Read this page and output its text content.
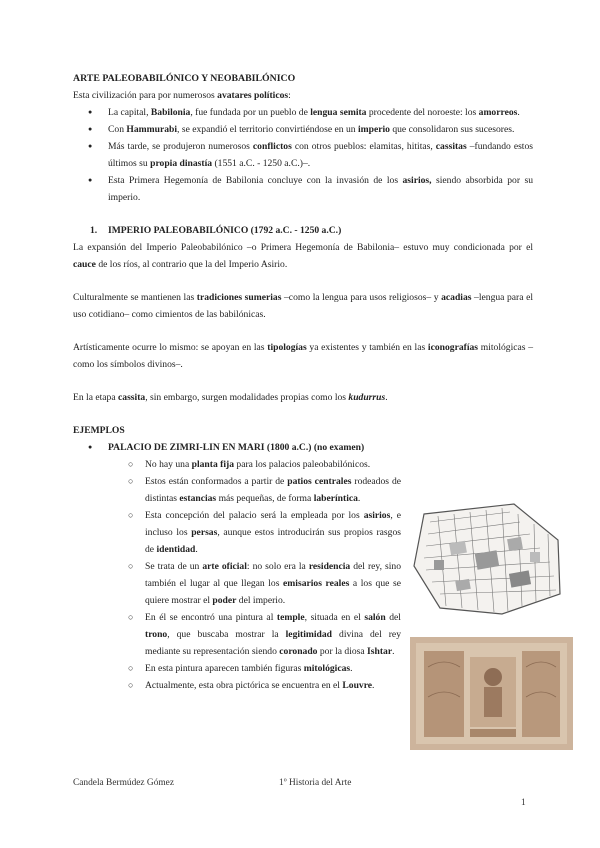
ARTE PALEOBABILÓNICO Y NEOBABILÓNICO

Esta civilización para por numerosos avatares políticos:

● La capital, Babilonia, fue fundada por un pueblo de lengua semita procedente del noroeste: los amorreos.
● Con Hammurabi, se expandió el territorio convirtiéndose en un imperio que consolidaron sus sucesores.
● Más tarde, se produjeron numerosos conflictos con otros pueblos: elamitas, hititas, cassitas –fundando estos últimos su propia dinastía (1551 a.C. - 1250 a.C.)–.
● Esta Primera Hegemonía de Babilonia concluye con la invasión de los asirios, siendo absorbida por su imperio.
1. IMPERIO PALEOBABILÓNICO (1792 a.C. - 1250 a.C.)

La expansión del Imperio Paleobabilónico –o Primera Hegemonía de Babilonia– estuvo muy condicionada por el cauce de los ríos, al contrario que la del Imperio Asirio.

Culturalmente se mantienen las tradiciones sumerias –como la lengua para usos religiosos– y acadias –lengua para el uso cotidiano– como cimientos de las babilónicas.

Artísticamente ocurre lo mismo: se apoyan en las tipologías ya existentes y también en las iconografías mitológicas – como los símbolos divinos–.

En la etapa cassita, sin embargo, surgen modalidades propias como los kudurrus.

EJEMPLOS
● PALACIO DE ZIMRI-LIN EN MARI (1800 a.C.) (no examen)
○ No hay una planta fija para los palacios paleobabilónicos.
○ Estos están conformados a partir de patios centrales rodeados de distintas estancias más pequeñas, de forma laberíntica.
○ Esta concepción del palacio será la empleada por los asirios, e incluso los persas, aunque estos introducirán sus propios rasgos de identidad.
○ Se trata de un arte oficial: no solo era la residencia del rey, sino también el lugar al que llegan los emisarios reales a los que se quiere mostrar el poder del imperio.
○ En él se encontró una pintura al temple, situada en el salón del trono, que buscaba mostrar la legitimidad divina del rey mediante su representación siendo coronado por la diosa Ishtar.
○ En esta pintura aparecen también figuras mitológicas.
○ Actualmente, esta obra pictórica se encuentra en el Louvre.
Candela Bermúdez Gómez	1º Historia del Arte
1
